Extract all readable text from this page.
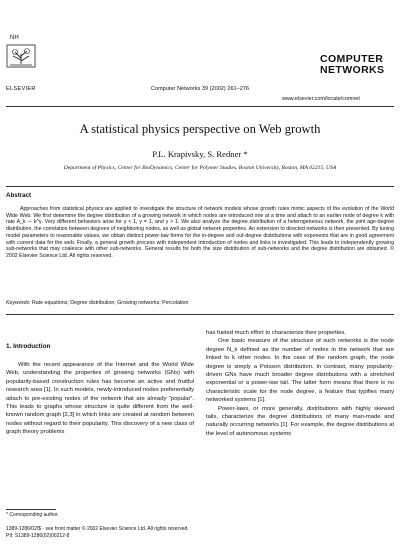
NH
ELSEVIER	Computer Networks 39 (2002) 261–276
COMPUTER
NETWORKS
www.elsevier.com/locate/comnet
A statistical physics perspective on Web growth
P.L. Krapivsky, S. Redner *
Department of Physics, Center for BioDynamics, Center for Polymer Studies, Boston University, Boston, MA 02215, USA
Abstract
Approaches from statistical physics are applied to investigate the structure of network models whose growth rules mimic aspects of the evolution of the World Wide Web. We first determine the degree distribution of a growing network in which nodes are introduced one at a time and attach to an earlier node of degree k with rate A_k ∼ k^γ. Very different behaviors arise for γ < 1, γ = 1, and γ > 1. We also analyze the degree distribution of a heterogeneous network, the joint age-degree distribution, the correlation between degrees of neighboring nodes, as well as global network properties. An extension to directed networks is then presented. By tuning model parameters to reasonable values, we obtain distinct power-law forms for the in-degree and out-degree distributions with exponents that are in good agreement with current data for the web. Finally, a general growth process with independent introduction of nodes and links is investigated. This leads to independently growing sub-networks that may coalesce with other sub-networks. General results for both the size distribution of sub-networks and the degree distribution are obtained. © 2002 Elsevier Science Ltd. All rights reserved.
Keywords: Rate equations; Degree distribution; Growing networks; Percolation
1. Introduction

With the recent appearance of the Internet and the World Wide Web, understanding the properties of growing networks (GNs) with popularity-based construction rules has become an active and fruitful research area [1]. In such models, newly-introduced nodes preferentially attach to pre-existing nodes of the network that are already “popular”. This leads to graphs whose structure is quite different from the well-known random graph [2,3] in which links are created at random between nodes without regard to their popularity. This discovery of a new class of graph theory problems

has fueled much effort to characterize their properties.

One basic measure of the structure of such networks is the node degree N_k defined as the number of nodes in the network that are linked to k other nodes. In the case of the random graph, the node degree is simply a Poisson distribution. In contrast, many popularity-driven GNs have much broader degree distributions with a stretched exponential or a power-law tail. The latter form means that there is no characteristic scale for the node degree, a feature that typifies many networked systems [1].

Power-laws, or more generally, distributions with highly skewed tails, characterize the degree distributions of many man-made and naturally occurring networks [1]. For example, the degree distributions at the level of autonomous systems

* Corresponding author.
1389-1286/02/$ - see front matter © 2002 Elsevier Science Ltd. All rights reserved.
PII: S1389-1286(02)00212-8
